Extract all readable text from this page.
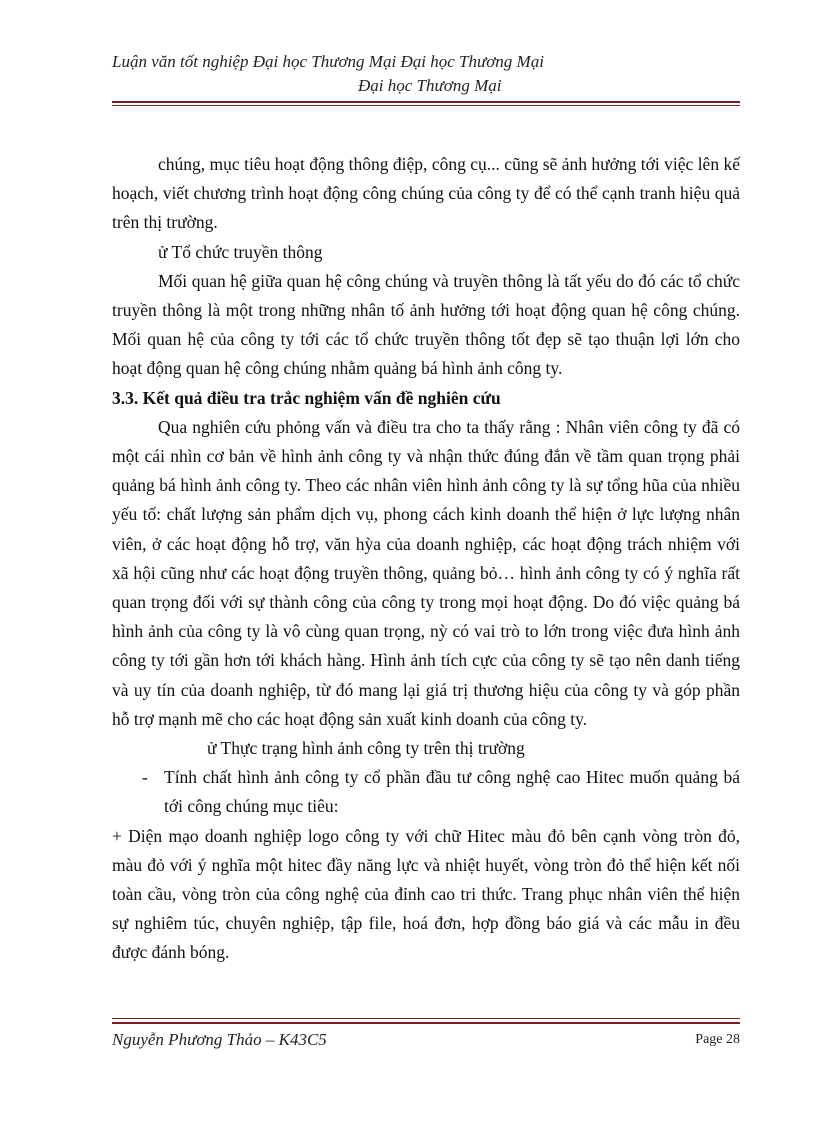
Luận văn tốt nghiệp Đại học Thương Mại Đại học Thương Mại
Đại học Thương Mại

chúng, mục tiêu hoạt động thông điệp, công cụ... cũng sẽ ảnh hưởng tới việc lên kế hoạch, viết chương trình hoạt động công chúng của công ty để có thể cạnh tranh hiệu quả trên thị trường.

ử Tổ chức truyền thông

Mối quan hệ giữa quan hệ công chúng và truyền thông là tất yếu do đó các tổ chức truyền thông là một trong những nhân tố ảnh hưởng tới hoạt động quan hệ công chúng. Mối quan hệ của công ty tới các tổ chức truyền thông tốt đẹp sẽ tạo thuận lợi lớn cho hoạt động quan hệ công chúng nhằm quảng bá hình ảnh công ty.

3.3. Kết quả điều tra trắc nghiệm vấn đề nghiên cứu

Qua nghiên cứu phỏng vấn và điều tra cho ta thấy rằng : Nhân viên công ty đã có một cái nhìn cơ bản về hình ảnh công ty và nhận thức đúng đắn về tầm quan trọng phải quảng bá hình ảnh công ty. Theo các nhân viên hình ảnh công ty là sự tổng hũa của nhiều yếu tố: chất lượng sản phẩm dịch vụ, phong cách kinh doanh thể hiện ở lực lượng nhân viên, ở các hoạt động hỗ trợ, văn hỳa của doanh nghiệp, các hoạt động trách nhiệm với xã hội cũng như các hoạt động truyền thông, quảng bỏ… hình ảnh công ty có ý nghĩa rất quan trọng đối với sự thành công của công ty trong mọi hoạt động. Do đó việc quảng bá hình ảnh của công ty là vô cùng quan trọng, nỳ có vai trò to lớn trong việc đưa hình ảnh công ty tới gần hơn tới khách hàng. Hình ảnh tích cực của công ty sẽ tạo nên danh tiếng và uy tín của doanh nghiệp, từ đó mang lại giá trị thương hiệu của công ty và góp phần hỗ trợ mạnh mẽ cho các hoạt động sản xuất kinh doanh của công ty.

ử Thực trạng hình ảnh công ty trên thị trường

- Tính chất hình ảnh công ty cổ phần đầu tư công nghệ cao Hitec muốn quảng bá tới công chúng mục tiêu:

+ Diện mạo doanh nghiệp logo công ty với chữ Hitec màu đỏ bên cạnh vòng tròn đỏ, màu đỏ với ý nghĩa một hitec đầy năng lực và nhiệt huyết, vòng tròn đỏ thể hiện kết nối toàn cầu, vòng tròn của công nghệ của đỉnh cao tri thức. Trang phục nhân viên thể hiện sự nghiêm túc, chuyên nghiệp, tập file, hoá đơn, hợp đồng báo giá và các mẫu in đều được đánh bóng.

Nguyễn Phương Thảo – K43C5	Page 28
